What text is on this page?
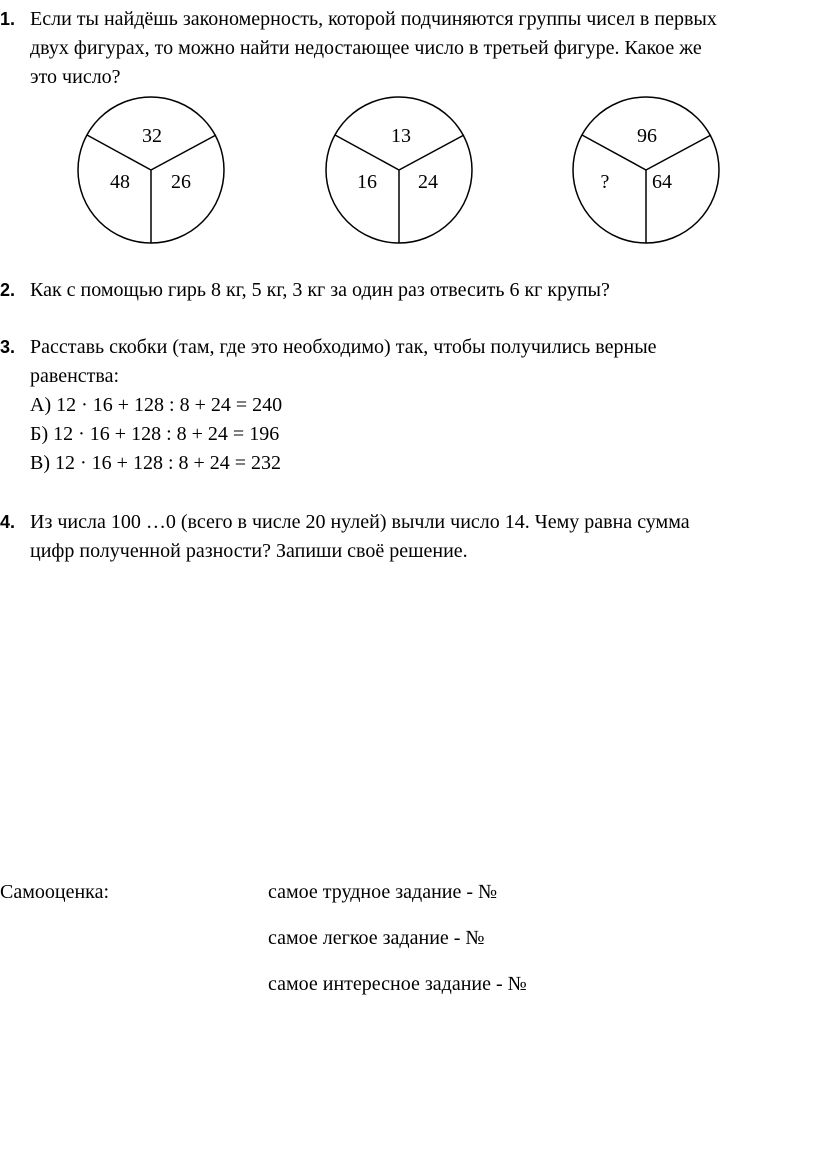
1. Если ты найдёшь закономерность, которой подчиняются группы чисел в первых
двух фигурах, то можно найти недостающее число в третьей фигуре. Какое же
это число?
32
48 26
13
16 24
96
? 64
2. Как с помощью гирь 8 кг, 5 кг, 3 кг за один раз отвесить 6 кг крупы?
3. Расставь скобки (там, где это необходимо) так, чтобы получились верные
равенства:
А) 12 · 16 + 128 : 8 + 24 = 240
Б) 12 · 16 + 128 : 8 + 24 = 196
В) 12 · 16 + 128 : 8 + 24 = 232
4. Из числа 100 …0 (всего в числе 20 нулей) вычли число 14. Чему равна сумма
цифр полученной разности? Запиши своё решение.
Самооценка:	самое трудное задание - №
самое легкое задание - №
самое интересное задание - №
